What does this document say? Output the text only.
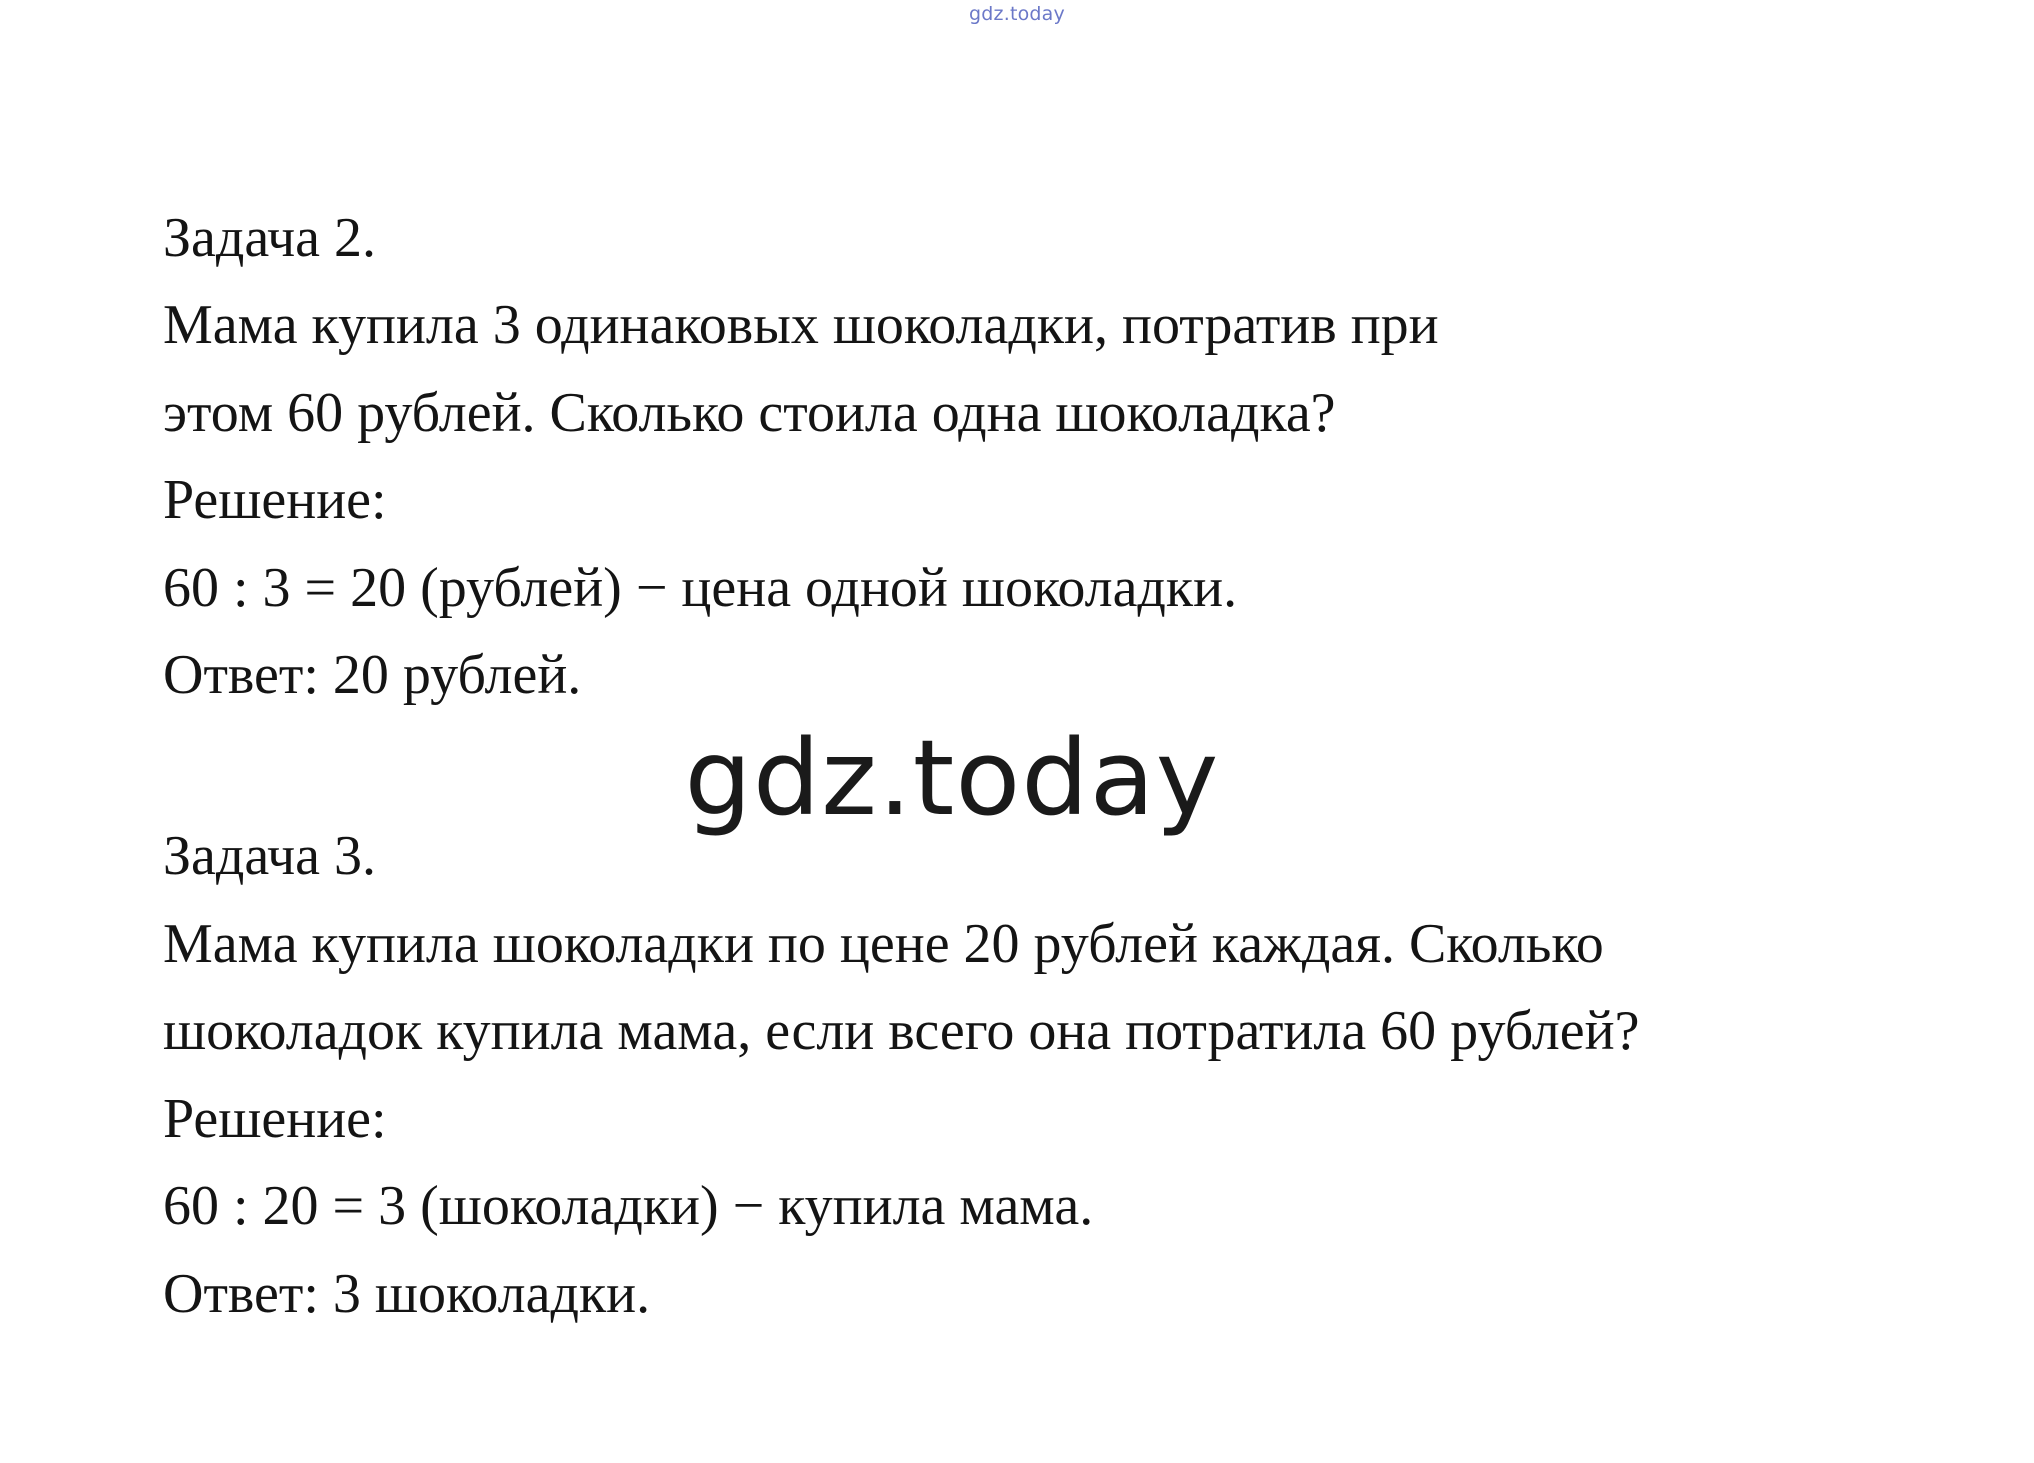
gdz.today
Задача 2.
Мама купила 3 одинаковых шоколадки, потратив при
этом 60 рублей. Сколько стоила одна шоколадка?
Решение:
60 : 3 = 20 (рублей) − цена одной шоколадки.
Ответ: 20 рублей.
gdz.today
Задача 3.
Мама купила шоколадки по цене 20 рублей каждая. Сколько
шоколадок купила мама, если всего она потратила 60 рублей?
Решение:
60 : 20 = 3 (шоколадки) − купила мама.
Ответ: 3 шоколадки.
